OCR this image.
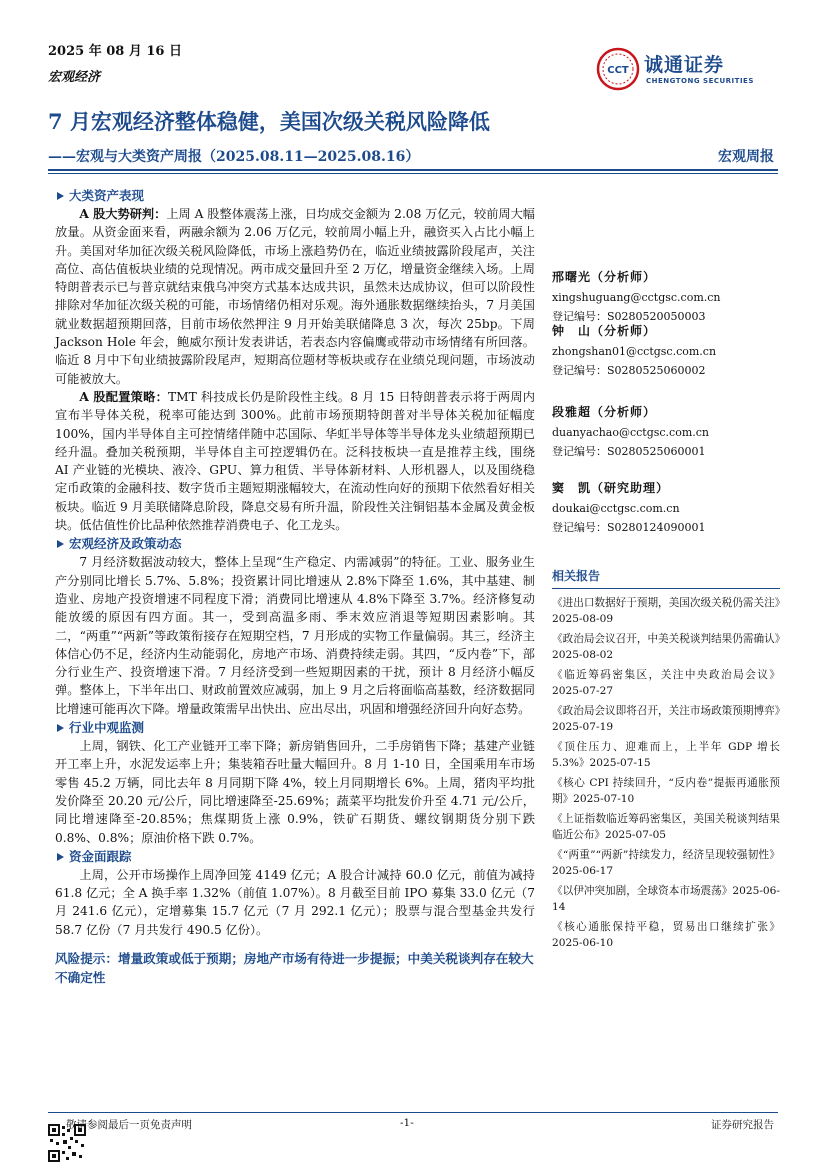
2025 年 08 月 16 日
宏观经济	CCT 诚通证券
CHENGTONG SECURITIES
7 月宏观经济整体稳健，美国次级关税风险降低
——宏观与大类资产周报（2025.08.11—2025.08.16）	宏观周报
大类资产表现

A 股大势研判：上周 A 股整体震荡上涨，日均成交金额为 2.08 万亿元，较前周大幅放量。从资金面来看，两融余额为 2.06 万亿元，较前周小幅上升，融资买入占比小幅上升。美国对华加征次级关税风险降低，市场上涨趋势仍在，临近业绩披露阶段尾声，关注高位、高估值板块业绩的兑现情况。两市成交量回升至 2 万亿，增量资金继续入场。上周特朗普表示已与普京就结束俄乌冲突方式基本达成共识，虽然未达成协议，但可以阶段性排除对华加征次级关税的可能，市场情绪仍相对乐观。海外通胀数据继续抬头，7 月美国就业数据超预期回落，目前市场依然押注 9 月开始美联储降息 3 次，每次 25bp。下周 Jackson Hole 年会，鲍威尔预计发表讲话，若表态内容偏鹰或带动市场情绪有所回落。临近 8 月中下旬业绩披露阶段尾声，短期高位题材等板块或存在业绩兑现问题，市场波动可能被放大。

A 股配置策略：TMT 科技成长仍是阶段性主线。8 月 15 日特朗普表示将于两周内宣布半导体关税，税率可能达到 300%。此前市场预期特朗普对半导体关税加征幅度 100%，国内半导体自主可控情绪伴随中芯国际、华虹半导体等半导体龙头业绩超预期已经升温。叠加关税预期，半导体自主可控逻辑仍在。泛科技板块一直是推荐主线，围绕 AI 产业链的光模块、液冷、GPU、算力租赁、半导体新材料、人形机器人，以及围绕稳定币政策的金融科技、数字货币主题短期涨幅较大，在流动性向好的预期下依然看好相关板块。临近 9 月美联储降息阶段，降息交易有所升温，阶段性关注铜铝基本金属及黄金板块。低估值性价比品种依然推荐消费电子、化工龙头。

宏观经济及政策动态

7 月经济数据波动较大，整体上呈现“生产稳定、内需减弱”的特征。工业、服务业生产分别同比增长 5.7%、5.8%；投资累计同比增速从 2.8%下降至 1.6%，其中基建、制造业、房地产投资增速不同程度下滑；消费同比增速从 4.8%下降至 3.7%。经济修复动能放缓的原因有四方面。其一，受到高温多雨、季末效应消退等短期因素影响。其二，“两重”“两新”等政策衔接存在短期空档，7 月形成的实物工作量偏弱。其三，经济主体信心仍不足，经济内生动能弱化，房地产市场、消费持续走弱。其四，“反内卷”下，部分行业生产、投资增速下滑。7 月经济受到一些短期因素的干扰，预计 8 月经济小幅反弹。整体上，下半年出口、财政前置效应减弱，加上 9 月之后将面临高基数，经济数据同比增速可能再次下降。增量政策需早出快出、应出尽出，巩固和增强经济回升向好态势。

行业中观监测

上周，钢铁、化工产业链开工率下降；新房销售回升，二手房销售下降；基建产业链开工率上升，水泥发运率上升；集装箱吞吐量大幅回升。8 月 1-10 日，全国乘用车市场零售 45.2 万辆，同比去年 8 月同期下降 4%，较上月同期增长 6%。上周，猪肉平均批发价降至 20.20 元/公斤，同比增速降至-25.69%；蔬菜平均批发价升至 4.71 元/公斤，同比增速降至-20.85%；焦煤期货上涨 0.9%，铁矿石期货、螺纹钢期货分别下跌 0.8%、0.8%；原油价格下跌 0.7%。

资金面跟踪

上周，公开市场操作上周净回笼 4149 亿元；A 股合计减持 60.0 亿元，前值为减持 61.8 亿元；全 A 换手率 1.32%（前值 1.07%）。8 月截至目前 IPO 募集 33.0 亿元（7 月 241.6 亿元），定增募集 15.7 亿元（7 月 292.1 亿元）；股票与混合型基金共发行 58.7 亿份（7 月共发行 490.5 亿份）。

风险提示：增量政策或低于预期；房地产市场有待进一步提振；中美关税谈判存在较大不确定性
邢曙光（分析师）
xingshuguang@cctgsc.com.cn
登记编号：S0280520050003
钟　山（分析师）
zhongshan01@cctgsc.com.cn
登记编号：S0280525060002
段雅超（分析师）
duanyachao@cctgsc.com.cn
登记编号：S0280525060001
窦　凯（研究助理）
doukai@cctgsc.com.cn
登记编号：S0280124090001
相关报告
《进出口数据好于预期，美国次级关税仍需关注》2025-08-09
《政治局会议召开，中美关税谈判结果仍需确认》2025-08-02
《临近筹码密集区，关注中央政治局会议》2025-07-27
《政治局会议即将召开，关注市场政策预期博弈》2025-07-19
《顶住压力、迎难而上，上半年 GDP 增长 5.3%》2025-07-15
《核心 CPI 持续回升，“反内卷”提振再通胀预期》2025-07-10
《上证指数临近筹码密集区，美国关税谈判结果临近公布》2025-07-05
《“两重”“两新”持续发力，经济呈现较强韧性》2025-06-17
《以伊冲突加剧，全球资本市场震荡》2025-06-14
《核心通胀保持平稳，贸易出口继续扩张》2025-06-10
敬请参阅最后一页免责声明	-1-	证券研究报告
